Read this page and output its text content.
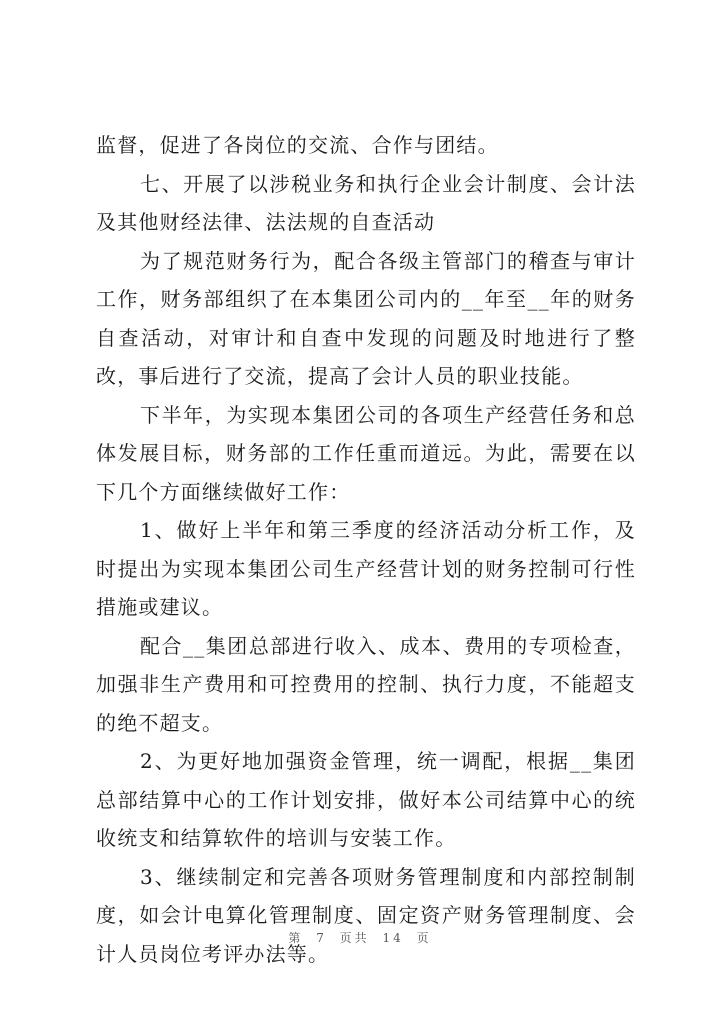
监督，促进了各岗位的交流、合作与团结。

七、开展了以涉税业务和执行企业会计制度、会计法及其他财经法律、法法规的自查活动

为了规范财务行为，配合各级主管部门的稽查与审计工作，财务部组织了在本集团公司内的__年至__年的财务自查活动，对审计和自查中发现的问题及时地进行了整改，事后进行了交流，提高了会计人员的职业技能。

下半年，为实现本集团公司的各项生产经营任务和总体发展目标，财务部的工作任重而道远。为此，需要在以下几个方面继续做好工作：

1、做好上半年和第三季度的经济活动分析工作，及时提出为实现本集团公司生产经营计划的财务控制可行性措施或建议。

配合__集团总部进行收入、成本、费用的专项检查，加强非生产费用和可控费用的控制、执行力度，不能超支的绝不超支。

2、为更好地加强资金管理，统一调配，根据__集团总部结算中心的工作计划安排，做好本公司结算中心的统收统支和结算软件的培训与安装工作。

3、继续制定和完善各项财务管理制度和内部控制制度，如会计电算化管理制度、固定资产财务管理制度、会计人员岗位考评办法等。

第 7 页共 14 页
